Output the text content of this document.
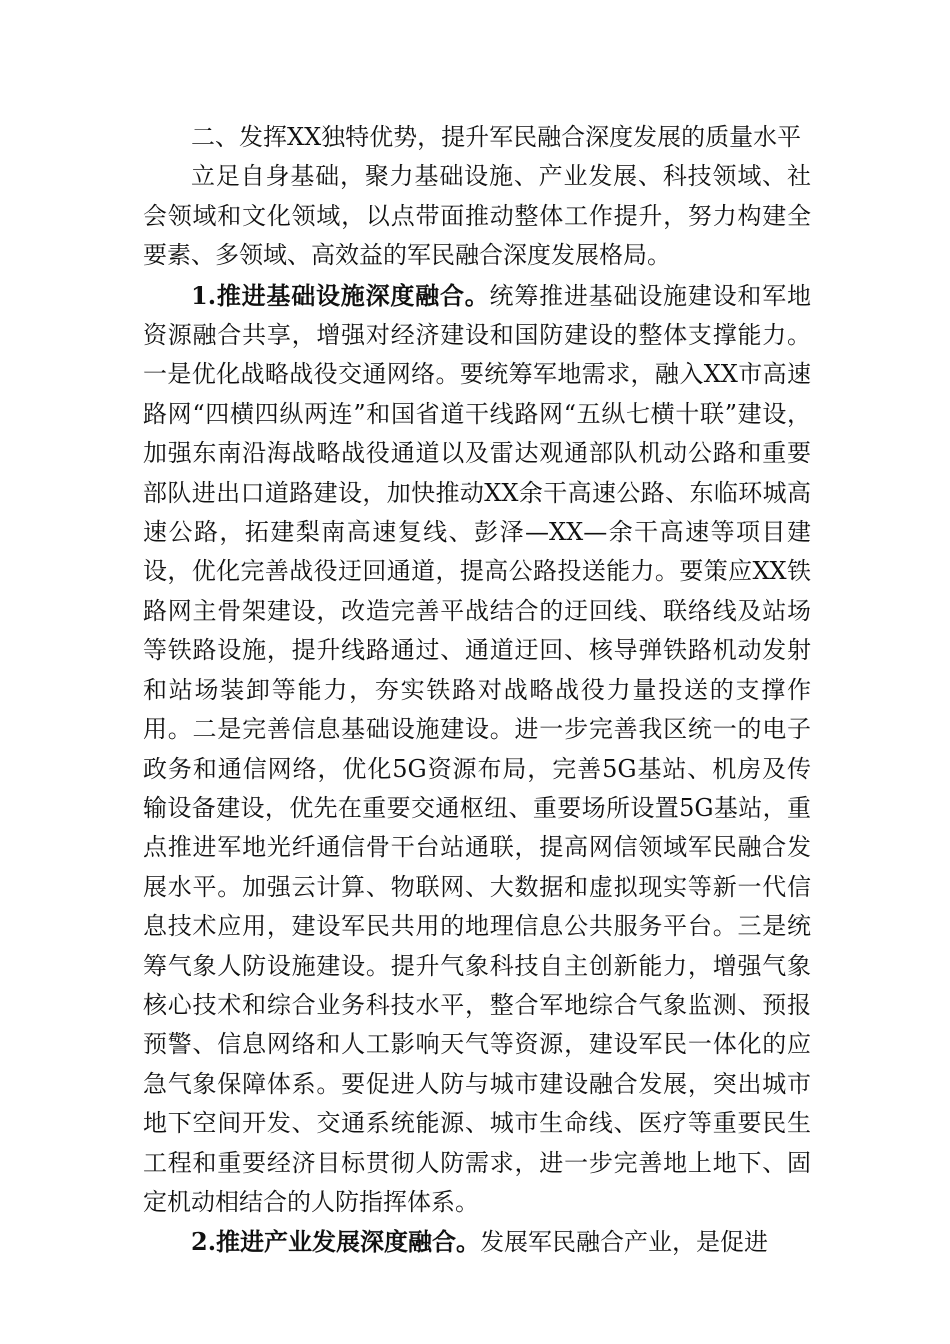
二、发挥XX独特优势，提升军民融合深度发展的质量水平

立足自身基础，聚力基础设施、产业发展、科技领域、社会领域和文化领域，以点带面推动整体工作提升，努力构建全要素、多领域、高效益的军民融合深度发展格局。

1.推进基础设施深度融合。统筹推进基础设施建设和军地资源融合共享，增强对经济建设和国防建设的整体支撑能力。一是优化战略战役交通网络。要统筹军地需求，融入XX市高速路网“四横四纵两连”和国省道干线路网“五纵七横十联”建设，加强东南沿海战略战役通道以及雷达观通部队机动公路和重要部队进出口道路建设，加快推动XX余干高速公路、东临环城高速公路，拓建梨南高速复线、彭泽—XX—余干高速等项目建设，优化完善战役迂回通道，提高公路投送能力。要策应XX铁路网主骨架建设，改造完善平战结合的迂回线、联络线及站场等铁路设施，提升线路通过、通道迂回、核导弹铁路机动发射和站场装卸等能力，夯实铁路对战略战役力量投送的支撑作用。二是完善信息基础设施建设。进一步完善我区统一的电子政务和通信网络，优化5G资源布局，完善5G基站、机房及传输设备建设，优先在重要交通枢纽、重要场所设置5G基站，重点推进军地光纤通信骨干台站通联，提高网信领域军民融合发展水平。加强云计算、物联网、大数据和虚拟现实等新一代信息技术应用，建设军民共用的地理信息公共服务平台。三是统筹气象人防设施建设。提升气象科技自主创新能力，增强气象核心技术和综合业务科技水平，整合军地综合气象监测、预报预警、信息网络和人工影响天气等资源，建设军民一体化的应急气象保障体系。要促进人防与城市建设融合发展，突出城市地下空间开发、交通系统能源、城市生命线、医疗等重要民生工程和重要经济目标贯彻人防需求，进一步完善地上地下、固定机动相结合的人防指挥体系。

2.推进产业发展深度融合。发展军民融合产业，是促进
